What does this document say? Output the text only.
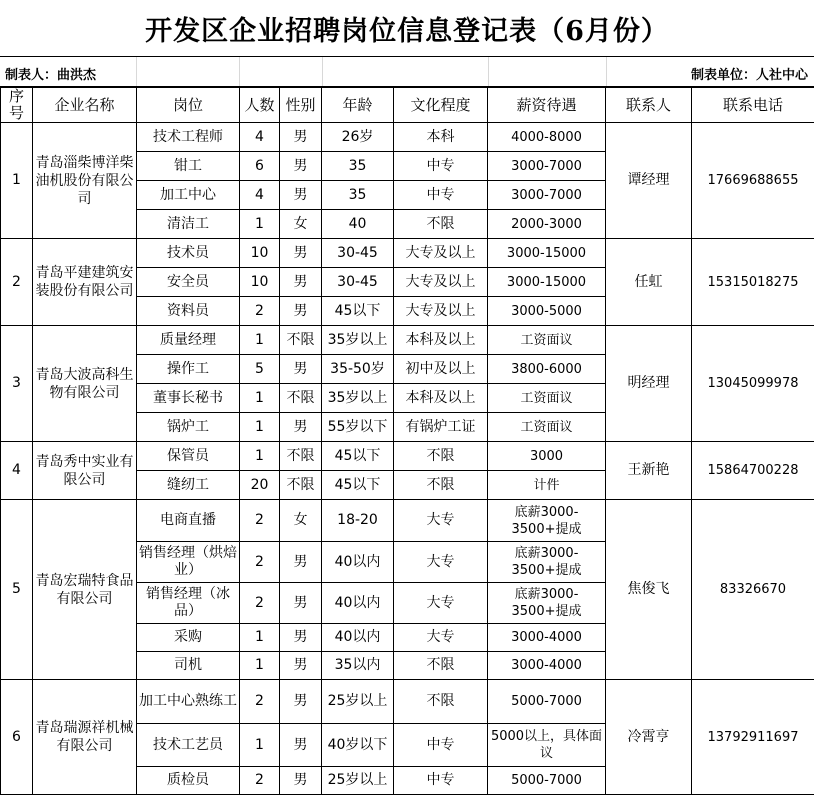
开发区企业招聘岗位信息登记表（6月份）
制表人：曲洪杰	制表单位：人社中心
序号	企业名称	岗位	人数	性别	年龄	文化程度	薪资待遇	联系人	联系电话
1	青岛淄柴博洋柴油机股份有限公司	技术工程师	4	男	26岁	本科	4000-8000	谭经理	17669688655
		钳工	6	男	35	中专	3000-7000		
		加工中心	4	男	35	中专	3000-7000		
		清洁工	1	女	40	不限	2000-3000		
2	青岛平建建筑安装股份有限公司	技术员	10	男	30-45	大专及以上	3000-15000	任虹	15315018275
		安全员	10	男	30-45	大专及以上	3000-15000		
		资料员	2	男	45以下	大专及以上	3000-5000		
3	青岛大波高科生物有限公司	质量经理	1	不限	35岁以上	本科及以上	工资面议	明经理	13045099978
		操作工	5	男	35-50岁	初中及以上	3800-6000		
		董事长秘书	1	不限	35岁以上	本科及以上	工资面议		
		锅炉工	1	男	55岁以下	有锅炉工证	工资面议		
4	青岛秀中实业有限公司	保管员	1	不限	45以下	不限	3000	王新艳	15864700228
		缝纫工	20	不限	45以下	不限	计件		
5	青岛宏瑞特食品有限公司	电商直播	2	女	18-20	大专	底薪3000-3500+提成	焦俊飞	83326670
		销售经理（烘焙业）	2	男	40以内	大专	底薪3000-3500+提成		
		销售经理（冰品）	2	男	40以内	大专	底薪3000-3500+提成		
		采购	1	男	40以内	大专	3000-4000		
		司机	1	男	35以内	不限	3000-4000		
6	青岛瑞源祥机械有限公司	加工中心熟练工	2	男	25岁以上	不限	5000-7000	冷霄亨	13792911697
		技术工艺员	1	男	40岁以下	中专	5000以上，具体面议		
		质检员	2	男	25岁以上	中专	5000-7000		
